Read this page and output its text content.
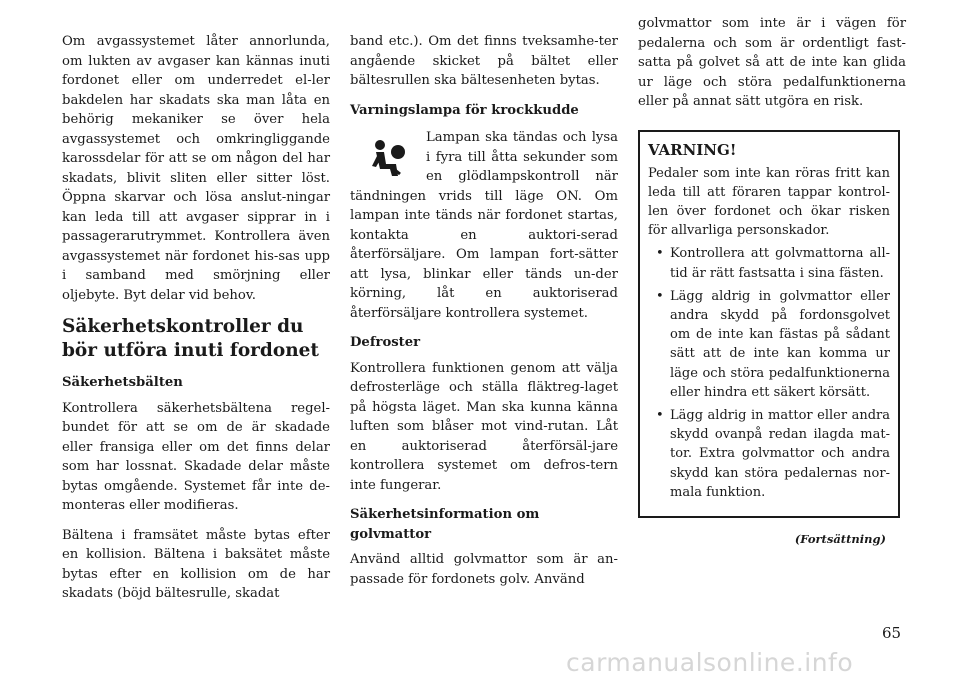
Om avgassystemet låter annorlunda, om lukten av avgaser kan kännas inuti fordonet eller om underredet el-ler bakdelen har skadats ska man låta en behörig mekaniker se över hela avgassystemet och omkringliggande karossdelar för att se om någon del har skadats, blivit sliten eller sitter löst. Öppna skarvar och lösa anslut-ningar kan leda till att avgaser sipprar in i passagerarutrymmet. Kontrollera även avgassystemet när fordonet his-sas upp i samband med smörjning eller oljebyte. Byt delar vid behov.

Säkerhetskontroller du bör utföra inuti fordonet
Säkerhetsbälten

Kontrollera säkerhetsbältena regel-bundet för att se om de är skadade eller fransiga eller om det finns delar som har lossnat. Skadade delar måste bytas omgående. Systemet får inte de-monteras eller modifieras.

Bältena i framsätet måste bytas efter en kollision. Bältena i baksätet måste bytas efter en kollision om de har skadats (böjd bältesrulle, skadat

band etc.). Om det finns tveksamhe-ter angående skicket på bältet eller bältesrullen ska bältesenheten bytas.

Varningslampa för krockkudde

Lampan ska tändas och lysa i fyra till åtta sekunder som en glödlampskontroll när tändningen vrids till läge ON. Om lampan inte tänds när fordonet startas, kontakta en auktori-serad återförsäljare. Om lampan fort-sätter att lysa, blinkar eller tänds un-der körning, låt en auktoriserad återförsäljare kontrollera systemet.

Defroster

Kontrollera funktionen genom att välja defrosterläge och ställa fläktreg-laget på högsta läget. Man ska kunna känna luften som blåser mot vind-rutan. Låt en auktoriserad återförsäl-jare kontrollera systemet om defros-tern inte fungerar.

Säkerhetsinformation om golvmattor

Använd alltid golvmattor som är an-passade för fordonets golv. Använd

golvmattor som inte är i vägen för pedalerna och som är ordentligt fast-satta på golvet så att de inte kan glida ur läge och störa pedalfunktionerna eller på annat sätt utgöra en risk.

VARNING!

Pedaler som inte kan röras fritt kan leda till att föraren tappar kontrol-len över fordonet och ökar risken för allvarliga personskador.

• Kontrollera att golvmattorna all-tid är rätt fastsatta i sina fästen.
• Lägg aldrig in golvmattor eller andra skydd på fordonsgolvet om de inte kan fästas på sådant sätt att de inte kan komma ur läge och störa pedalfunktionerna eller hindra ett säkert körsätt.
• Lägg aldrig in mattor eller andra skydd ovanpå redan ilagda mat-tor. Extra golvmattor och andra skydd kan störa pedalernas nor-mala funktion.
(Fortsättning)
65
carmanualsonline.info
